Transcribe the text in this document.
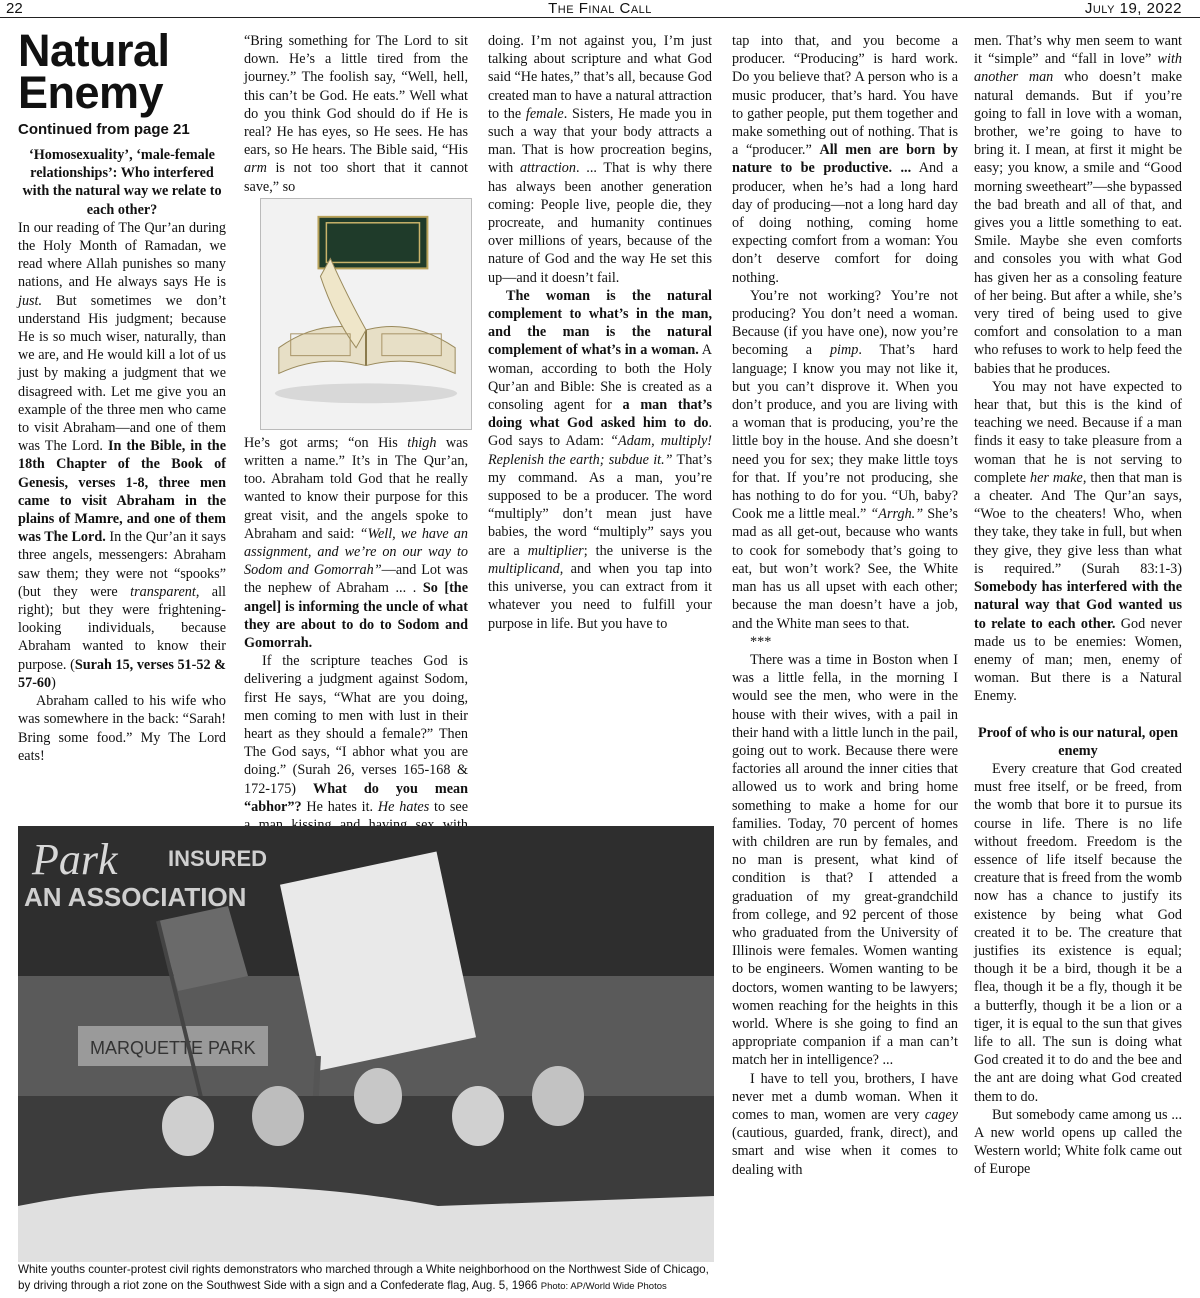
22	The Final Call	July 19, 2022
Natural Enemy
Continued from page 21
‘Homosexuality’, ‘male-female relationships’: Who interfered with the natural way we relate to each other?

In our reading of The Qur’an during the Holy Month of Ramadan, we read where Allah punishes so many nations, and He always says He is just. But sometimes we don’t understand His judgment; because He is so much wiser, naturally, than we are, and He would kill a lot of us just by making a judgment that we disagreed with. Let me give you an example of the three men who came to visit Abraham—and one of them was The Lord. In the Bible, in the 18th Chapter of the Book of Genesis, verses 1-8, three men came to visit Abraham in the plains of Mamre, and one of them was The Lord. In the Qur’an it says three angels, messengers: Abraham saw them; they were not “spooks” (but they were transparent, all right); but they were frightening-looking individuals, because Abraham wanted to know their purpose. (Surah 15, verses 51-52 & 57-60)

Abraham called to his wife who was somewhere in the back: “Sarah! Bring some food.” My The Lord eats!

“Bring something for The Lord to sit down. He’s a little tired from the journey.” The foolish say, “Well, hell, this can’t be God. He eats.” Well what do you think God should do if He is real? He has eyes, so He sees. He has ears, so He hears. The Bible said, “His arm is not too short that it cannot save,” so

He’s got arms; “on His thigh was written a name.” It’s in The Qur’an, too. Abraham told God that he really wanted to know their purpose for this great visit, and the angels spoke to Abraham and said: “Well, we have an assignment, and we’re on our way to Sodom and Gomorrah”—and Lot was the nephew of Abraham ... . So [the angel] is informing the uncle of what they are about to do to Sodom and Gomorrah.

If the scripture teaches God is delivering a judgment against Sodom, first He says, “What are you doing, men coming to men with lust in their heart as they should a female?” Then The God says, “I abhor what you are doing.” (Surah 26, verses 165-168 & 172-175) What do you mean “abhor”? He hates it. He hates to see

doing. I’m not against you, I’m just talking about scripture and what God said “He hates,” that’s all, because God created man to have a natural attraction to the female. Sisters, He made you in such a way that your body attracts a man. That is how procreation begins, with attraction. ... That is why there has always been another generation coming: People live, people die, they procreate, and humanity continues over millions of years, because of the nature of God and the way He set this up—and it doesn’t fail.

The woman is the natural complement to what’s in the man, and the man is the natural complement of what’s in a woman. A woman, according to both the Holy Qur’an and Bible: She is created as a consoling agent for a man that’s doing what God asked him to do. God says to Adam: “Adam, multiply! Replenish the earth; subdue it.” That’s my command. As a man, you’re supposed to be a producer. The word “multiply” don’t mean just have babies, the word “multiply” says you are a multiplier; the universe is the multiplicand, and when you tap into this universe, you can extract from it whatever you need to fulfill your purpose in life. But you have to

tap into that, and you become a producer. “Producing” is hard work. Do you believe that? A person who is a music producer, that’s hard. You have to gather people, put them together and make something out of nothing. That is a “producer.” All men are born by nature to be productive. ... And a producer, when he’s had a long hard day of producing—not a long hard day of doing nothing, coming home expecting comfort from a woman: You don’t deserve comfort for doing nothing.

You’re not working? You’re not producing? You don’t need a woman. Because (if you have one), now you’re becoming a pimp. That’s hard language; I know you may not like it, but you can’t disprove it. When you don’t produce, and you are living with a woman that is producing, you’re the little boy in the house. And she doesn’t need you for sex; they make little toys for that. If you’re not producing, she has nothing to do for you. “Uh, baby? Cook me a little meal.” “Arrgh.” She’s mad as all get-out, because who wants to cook for somebody that’s going to eat, but won’t work? See, the White man has us all upset with each other; because the man doesn’t have a job, and the White man sees to that.

***

There was a time in Boston when I was a little fella, in the morning I would see the men, who were in the house with their wives, with a pail in their hand with a little lunch in the pail, going out to work. Because there were factories all around the inner cities that allowed us to work and bring home something to make a home for our families. Today, 70 percent of homes with children are run by females, and no man is present, what kind of condition is that? I attended a graduation of my great-grandchild from college, and 92 percent of those who graduated from the University of Illinois were females. Women wanting to be engineers. Women wanting to be doctors, women wanting to be lawyers; women reaching for the heights in this world. Where is she going to find an appropriate companion if a man can’t match her in intelligence? ...

I have to tell you, brothers, I have never met a dumb woman. When it comes to man, women are very cagey (cautious, guarded, frank, direct), and smart and wise when it comes to dealing with

men. That’s why men seem to want it “simple” and “fall in love” with another man who doesn’t make natural demands. But if you’re going to fall in love with a woman, brother, we’re going to have to bring it. I mean, at first it might be easy; you know, a smile and “Good morning sweetheart”—she bypassed the bad breath and all of that, and gives you a little something to eat. Smile. Maybe she even comforts and consoles you with what God has given her as a consoling feature of her being. But after a while, she’s very tired of being used to give comfort and consolation to a man who refuses to work to help feed the babies that he produces.

You may not have expected to hear that, but this is the kind of teaching we need. Because if a man finds it easy to take pleasure from a woman that he is not serving to complete her make, then that man is a cheater. And The Qur’an says, “Woe to the cheaters! Who, when they take, they take in full, but when they give, they give less than what is required.” (Surah 83:1-3) Somebody has interfered with the natural way that God wanted us to relate to each other. God never made us to be enemies: Women, enemy of man; men, enemy of woman. But there is a Natural Enemy.

Proof of who is our natural, open enemy

Every creature that God created must free itself, or be freed, from the womb that bore it to pursue its course in life. There is no life without freedom. Freedom is the essence of life itself because the creature that is freed from the womb now has a chance to justify its existence by being what God created it to be. The creature that justifies its existence is equal; though it be a bird, though it be a flea, though it be a fly, though it be a butterfly, though it be a lion or a tiger, it is equal to the sun that gives life to all. The sun is doing what God created it to do and the bee and the ant are doing what God created them to do.

But somebody came among us ... A new world opens up called the Western world; White folk came out of Europe

Park INSURED
AN ASSOCIATION
MARQUETTE PARK
White youths counter-protest civil rights demonstrators who marched through a White neighborhood on the Northwest Side of Chicago, by driving through a riot zone on the Southwest Side with a sign and a Confederate flag, Aug. 5, 1966 Photo: AP/World Wide Photos
